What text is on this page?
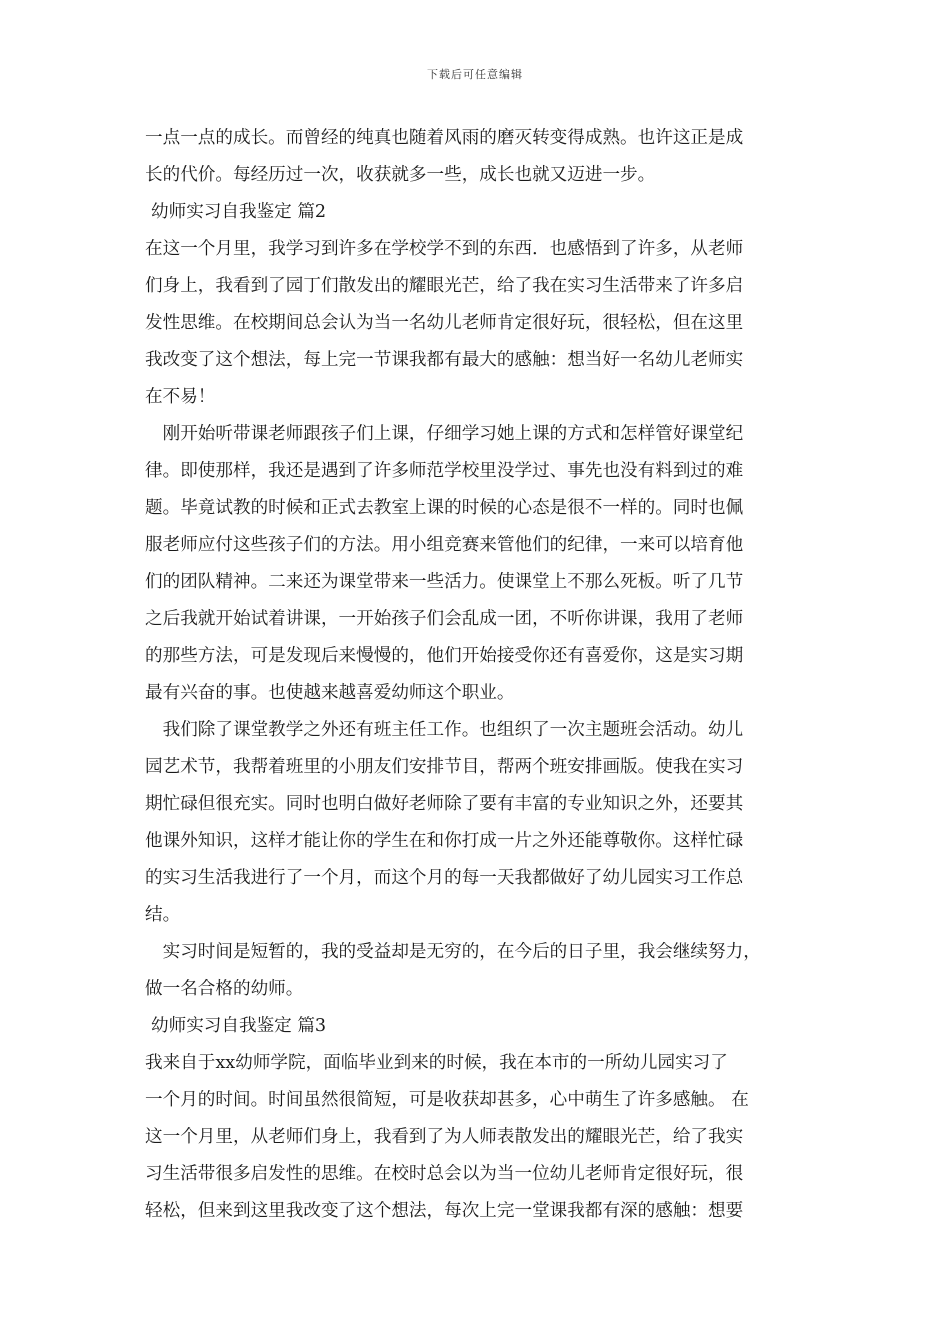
下载后可任意编辑
一点一点的成长。而曾经的纯真也随着风雨的磨灭转变得成熟。也许这正是成
长的代价。每经历过一次，收获就多一些，成长也就又迈进一步。
幼师实习自我鉴定 篇2
在这一个月里，我学习到许多在学校学不到的东西．也感悟到了许多，从老师
们身上，我看到了园丁们散发出的耀眼光芒，给了我在实习生活带来了许多启
发性思维。在校期间总会认为当一名幼儿老师肯定很好玩，很轻松，但在这里
我改变了这个想法，每上完一节课我都有最大的感触：想当好一名幼儿老师实
在不易！
　刚开始听带课老师跟孩子们上课，仔细学习她上课的方式和怎样管好课堂纪
律。即使那样，我还是遇到了许多师范学校里没学过、事先也没有料到过的难
题。毕竟试教的时候和正式去教室上课的时候的心态是很不一样的。同时也佩
服老师应付这些孩子们的方法。用小组竞赛来管他们的纪律，一来可以培育他
们的团队精神。二来还为课堂带来一些活力。使课堂上不那么死板。听了几节
之后我就开始试着讲课，一开始孩子们会乱成一团，不听你讲课，我用了老师
的那些方法，可是发现后来慢慢的，他们开始接受你还有喜爱你，这是实习期
最有兴奋的事。也使越来越喜爱幼师这个职业。
　我们除了课堂教学之外还有班主任工作。也组织了一次主题班会活动。幼儿
园艺术节，我帮着班里的小朋友们安排节目，帮两个班安排画版。使我在实习
期忙碌但很充实。同时也明白做好老师除了要有丰富的专业知识之外，还要其
他课外知识，这样才能让你的学生在和你打成一片之外还能尊敬你。这样忙碌
的实习生活我进行了一个月，而这个月的每一天我都做好了幼儿园实习工作总
结。
　实习时间是短暂的，我的受益却是无穷的，在今后的日子里，我会继续努力，
做一名合格的幼师。
幼师实习自我鉴定 篇3
我来自于xx幼师学院，面临毕业到来的时候，我在本市的一所幼儿园实习了
一个月的时间。时间虽然很简短，可是收获却甚多，心中萌生了许多感触。 在
这一个月里，从老师们身上，我看到了为人师表散发出的耀眼光芒，给了我实
习生活带很多启发性的思维。在校时总会以为当一位幼儿老师肯定很好玩，很
轻松，但来到这里我改变了这个想法，每次上完一堂课我都有深的感触：想要
